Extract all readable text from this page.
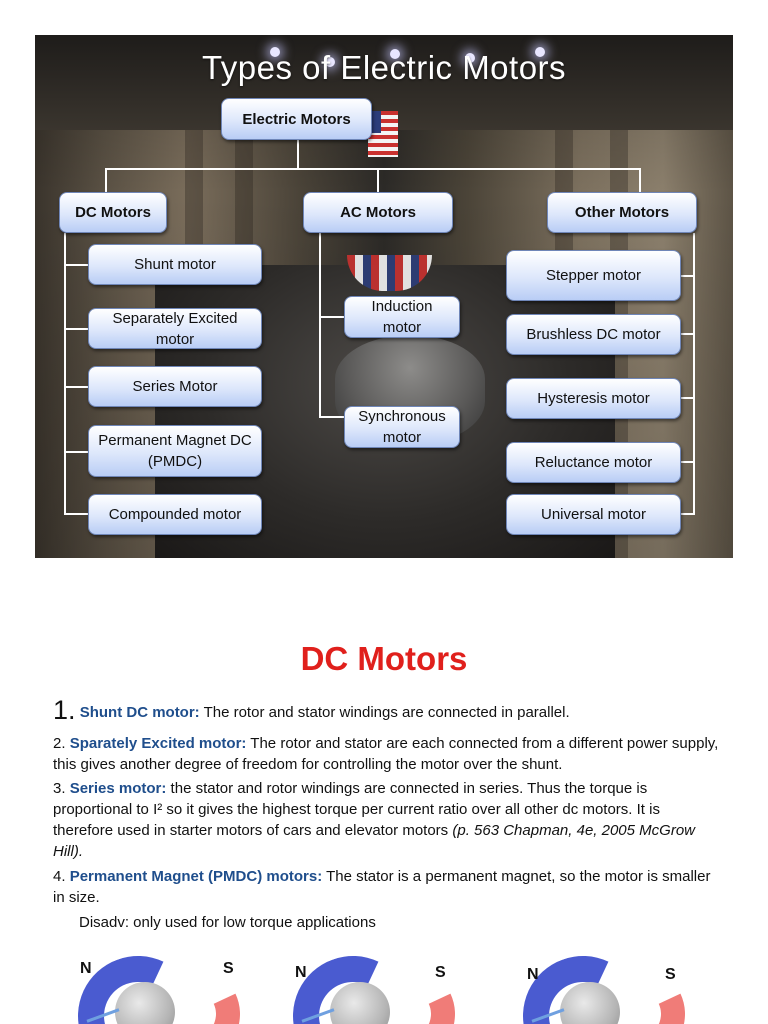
Types of Electric Motors
Electric Motors
DC Motors	AC Motors	Other Motors
Shunt motor
Separately Excited motor
Series Motor
Permanent Magnet DC (PMDC)
Compounded motor
Induction motor
Synchronous motor
Stepper motor
Brushless DC motor
Hysteresis motor
Reluctance motor
Universal motor
DC Motors
1. Shunt DC motor: The rotor and stator windings are connected in parallel.
2. Sparately Excited motor: The rotor and stator are each connected from a different power supply, this gives another degree of freedom for controlling the motor over the shunt.
3. Series motor: the stator and rotor windings are connected in series. Thus the torque is proportional to I² so it gives the highest torque per current ratio over all other dc motors. It is therefore used in starter motors of cars and elevator motors (p. 563 Chapman, 4e, 2005 McGrow Hill).
4. Permanent Magnet (PMDC) motors: The stator is a permanent magnet, so the motor is smaller in size.
Disadv: only used for low torque applications
N	S	N	S	N	S
